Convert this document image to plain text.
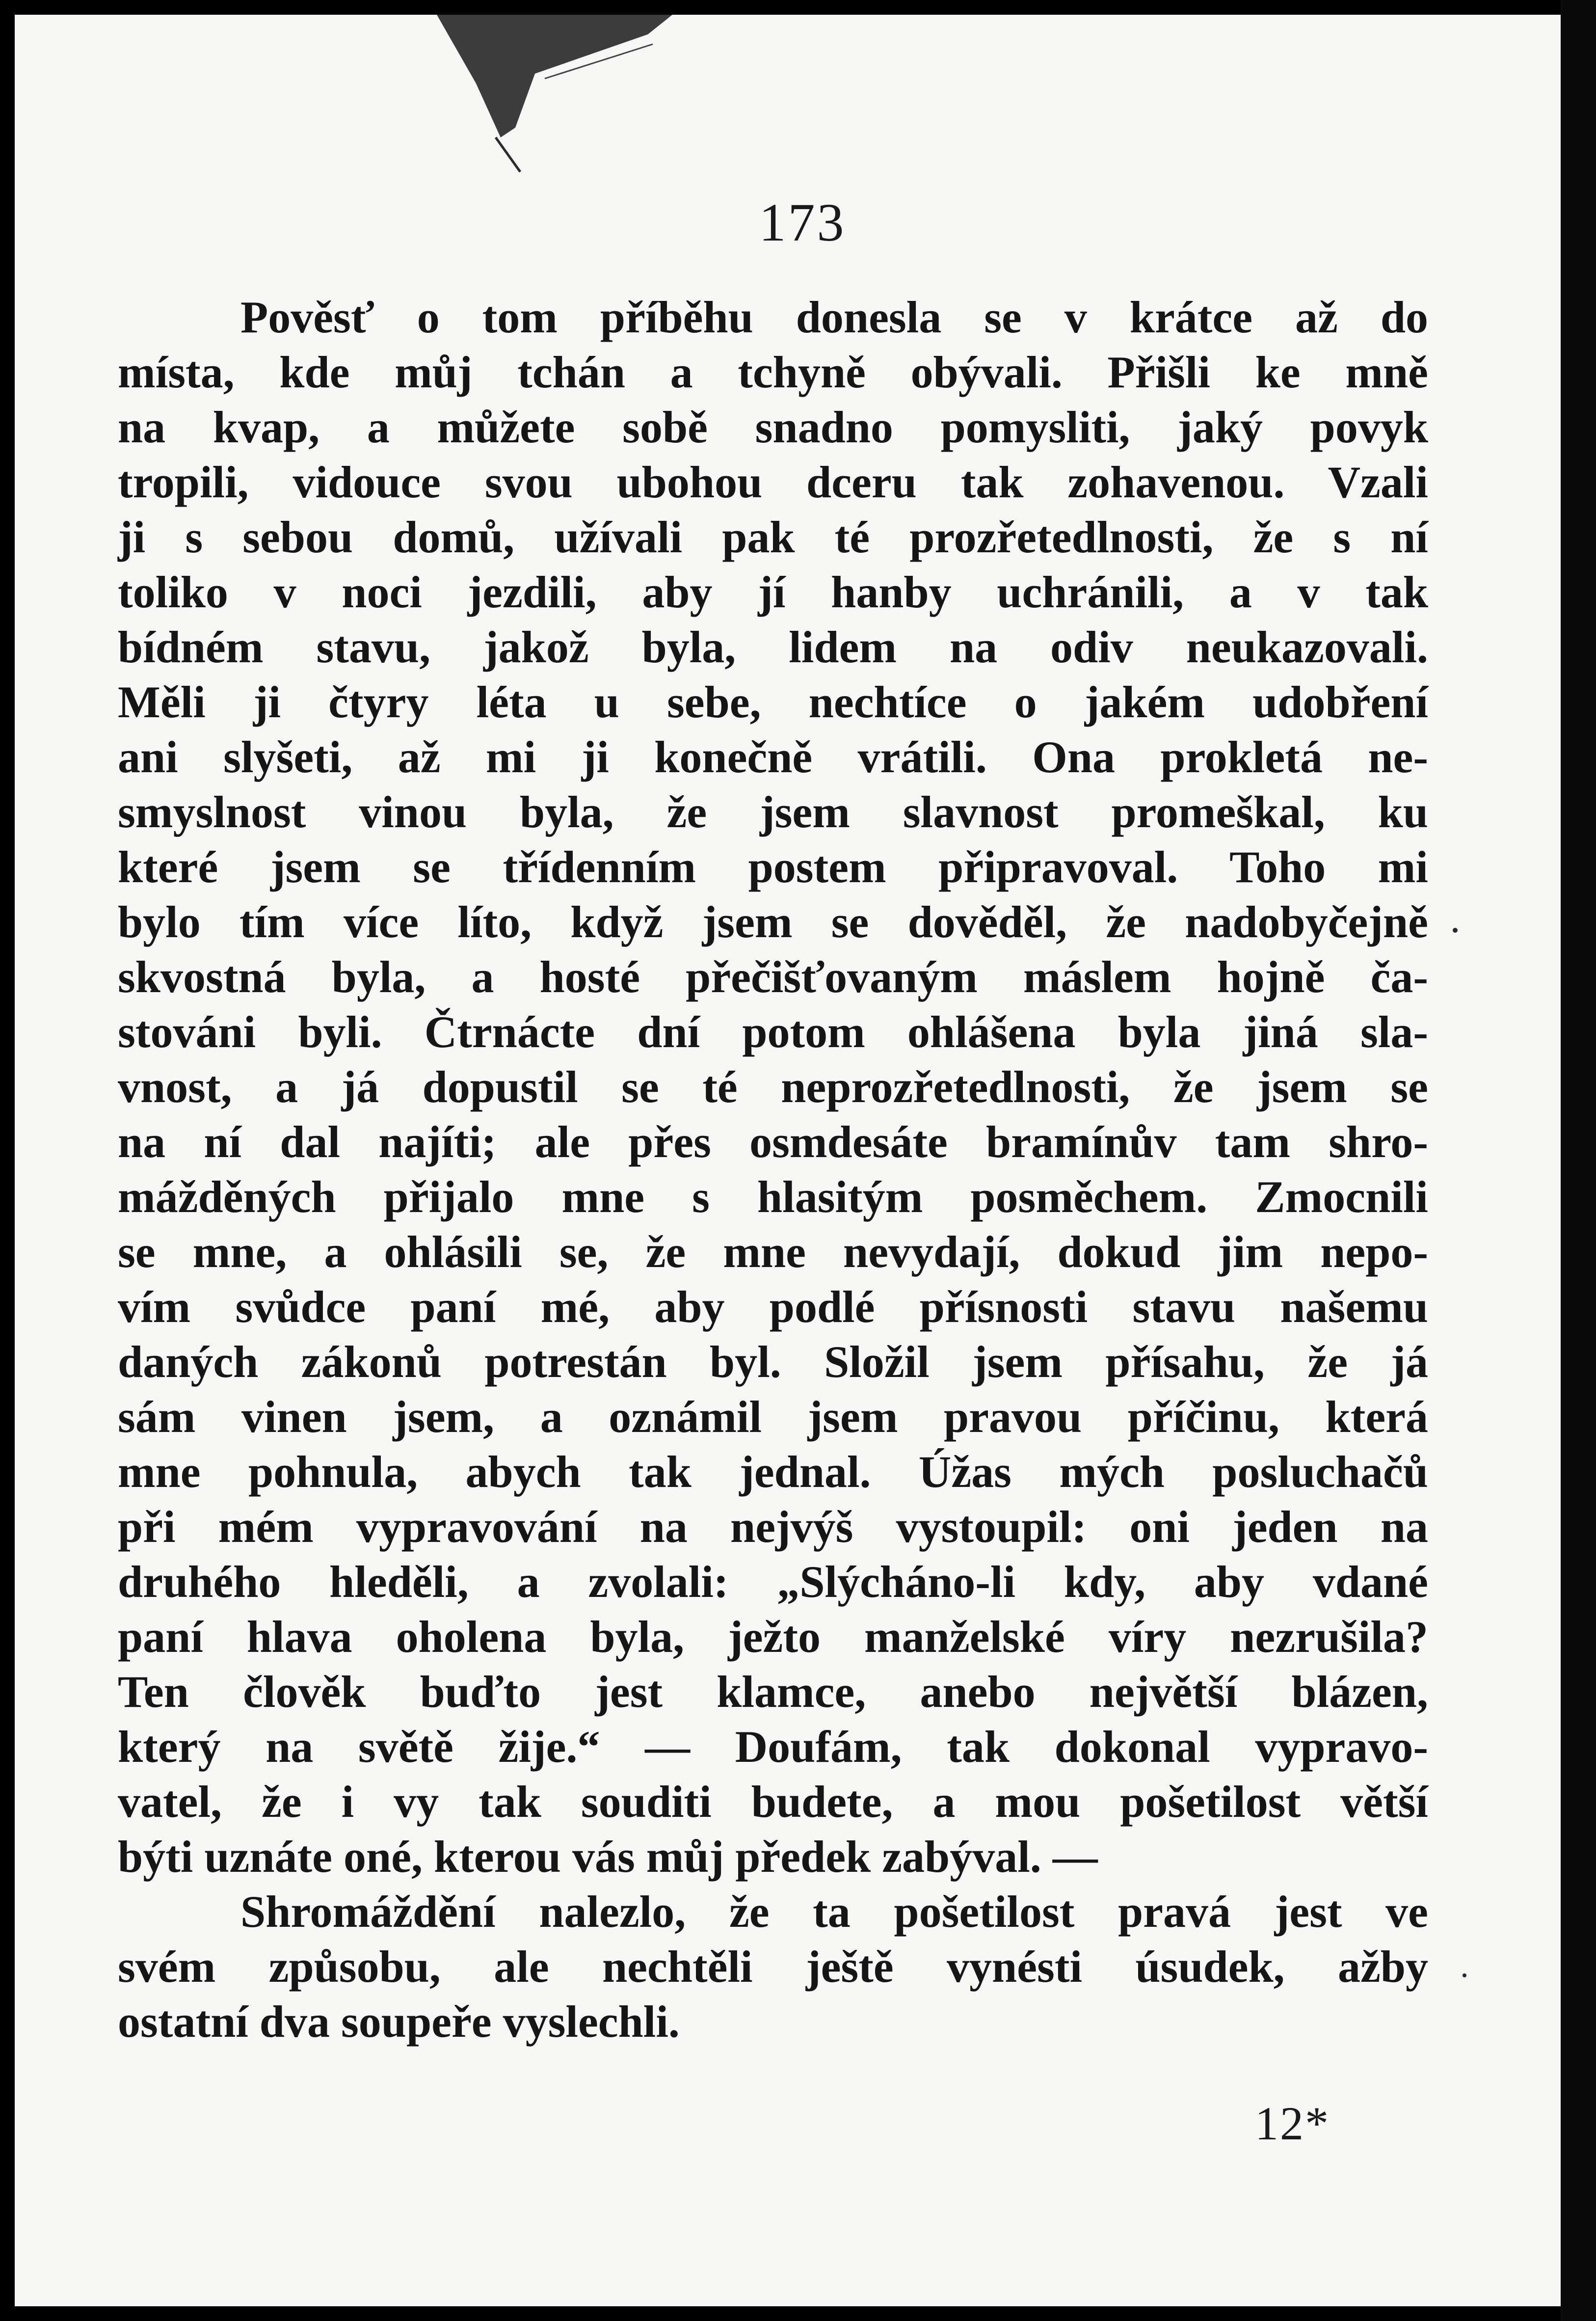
173
Pověsť o tom příběhu donesla se v krátce až do
místa, kde můj tchán a tchyně obývali. Přišli ke mně
na kvap, a můžete sobě snadno pomysliti, jaký povyk
tropili, vidouce svou ubohou dceru tak zohavenou. Vzali
ji s sebou domů, užívali pak té prozřetedlnosti, že s ní
toliko v noci jezdili, aby jí hanby uchránili, a v tak
bídném stavu, jakož byla, lidem na odiv neukazovali.
Měli ji čtyry léta u sebe, nechtíce o jakém udobření
ani slyšeti, až mi ji konečně vrátili. Ona prokletá ne-
smyslnost vinou byla, že jsem slavnost promeškal, ku
které jsem se třídenním postem připravoval. Toho mi
bylo tím více líto, když jsem se dověděl, že nadobyčejně
skvostná byla, a hosté přečišťovaným máslem hojně ča-
stováni byli. Čtrnácte dní potom ohlášena byla jiná sla-
vnost, a já dopustil se té neprozřetedlnosti, že jsem se
na ní dal najíti; ale přes osmdesáte bramínův tam shro-
mážděných přijalo mne s hlasitým posměchem. Zmocnili
se mne, a ohlásili se, že mne nevydají, dokud jim nepo-
vím svůdce paní mé, aby podlé přísnosti stavu našemu
daných zákonů potrestán byl. Složil jsem přísahu, že já
sám vinen jsem, a oznámil jsem pravou příčinu, která
mne pohnula, abych tak jednal. Úžas mých posluchačů
při mém vypravování na nejvýš vystoupil: oni jeden na
druhého hleděli, a zvolali: „Slýcháno-li kdy, aby vdané
paní hlava oholena byla, ježto manželské víry nezrušila?
Ten člověk buďto jest klamce, anebo největší blázen,
který na světě žije.“ — Doufám, tak dokonal vypravo-
vatel, že i vy tak souditi budete, a mou pošetilost větší
býti uznáte oné, kterou vás můj předek zabýval. —
Shromáždění nalezlo, že ta pošetilost pravá jest ve
svém způsobu, ale nechtěli ještě vynésti úsudek, ažby
ostatní dva soupeře vyslechli.
12*
